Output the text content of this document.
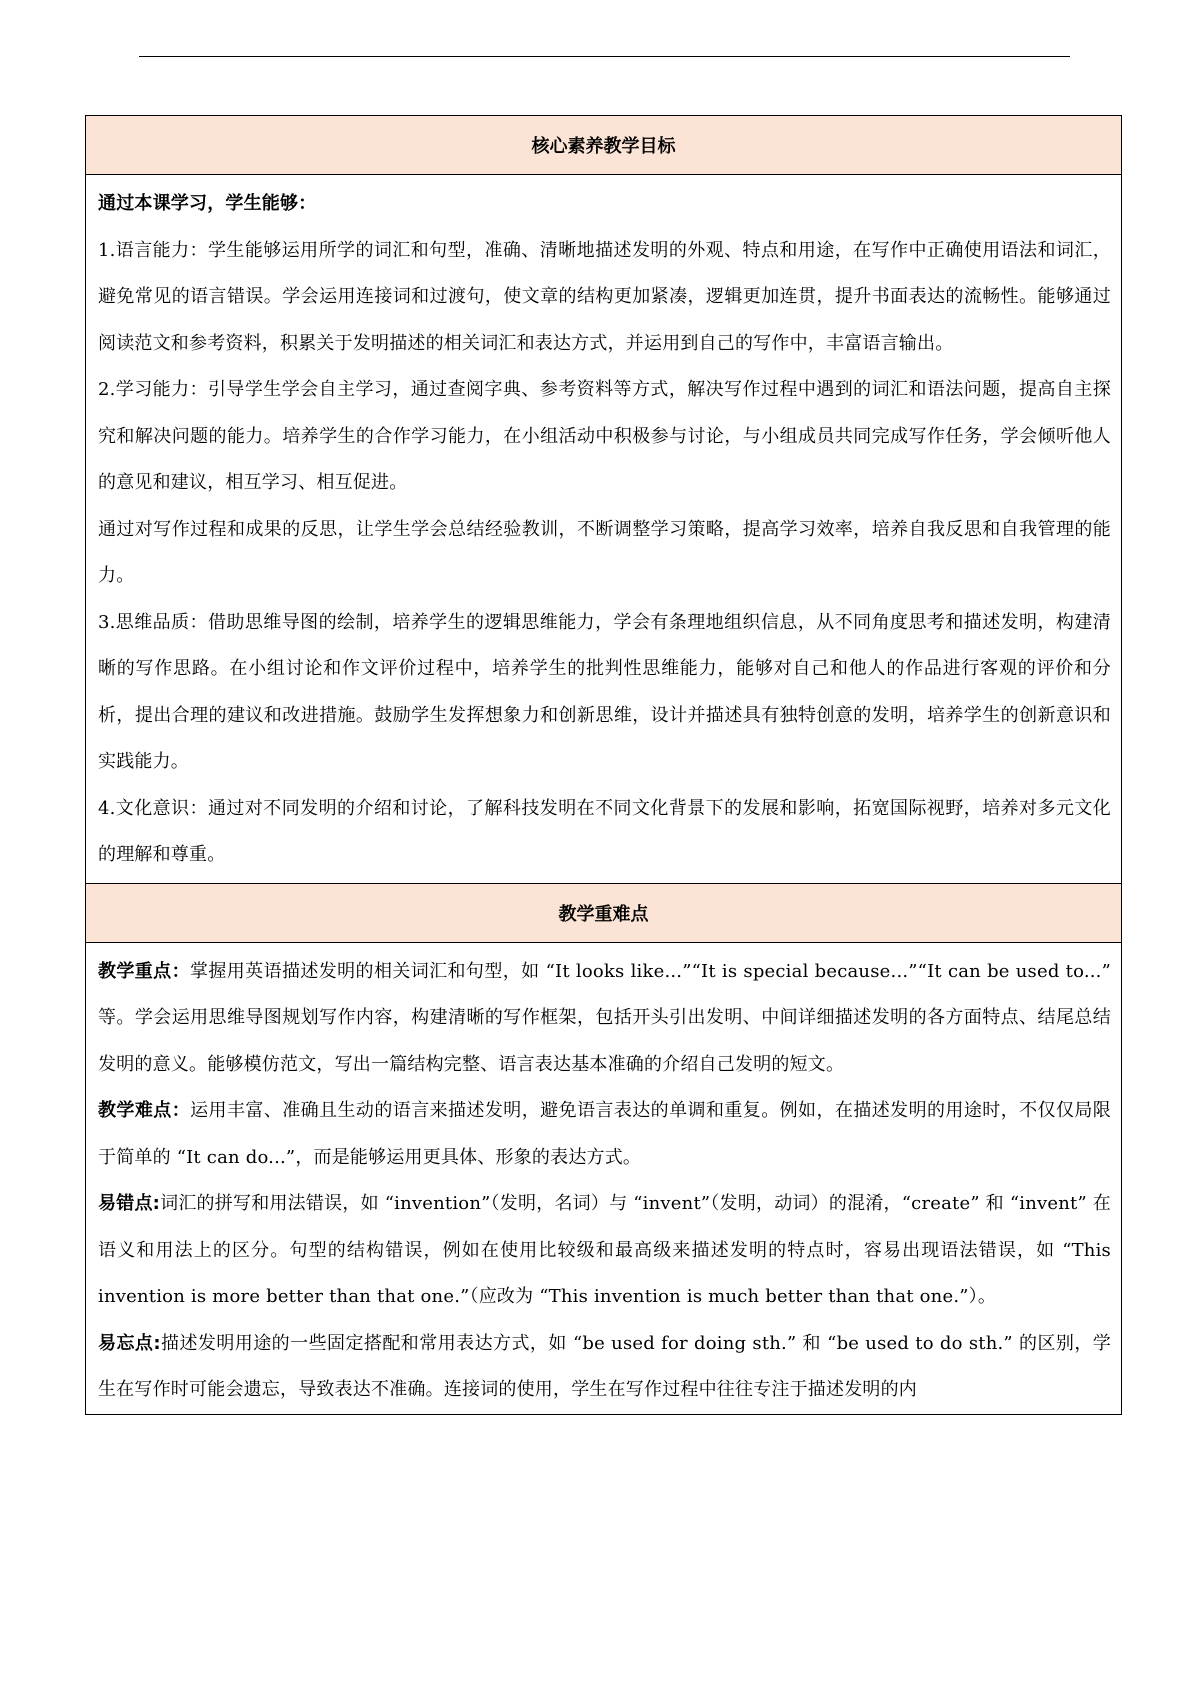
核心素养教学目标

通过本课学习，学生能够：

1.语言能力：学生能够运用所学的词汇和句型，准确、清晰地描述发明的外观、特点和用途，在写作中正确使用语法和词汇，避免常见的语言错误。学会运用连接词和过渡句，使文章的结构更加紧凑，逻辑更加连贯，提升书面表达的流畅性。能够通过阅读范文和参考资料，积累关于发明描述的相关词汇和表达方式，并运用到自己的写作中，丰富语言输出。

2.学习能力：引导学生学会自主学习，通过查阅字典、参考资料等方式，解决写作过程中遇到的词汇和语法问题，提高自主探究和解决问题的能力。培养学生的合作学习能力，在小组活动中积极参与讨论，与小组成员共同完成写作任务，学会倾听他人的意见和建议，相互学习、相互促进。

通过对写作过程和成果的反思，让学生学会总结经验教训，不断调整学习策略，提高学习效率，培养自我反思和自我管理的能力。

3.思维品质：借助思维导图的绘制，培养学生的逻辑思维能力，学会有条理地组织信息，从不同角度思考和描述发明，构建清晰的写作思路。在小组讨论和作文评价过程中，培养学生的批判性思维能力，能够对自己和他人的作品进行客观的评价和分析，提出合理的建议和改进措施。鼓励学生发挥想象力和创新思维，设计并描述具有独特创意的发明，培养学生的创新意识和实践能力。

4.文化意识：通过对不同发明的介绍和讨论，了解科技发明在不同文化背景下的发展和影响，拓宽国际视野，培养对多元文化的理解和尊重。

教学重难点

教学重点：掌握用英语描述发明的相关词汇和句型，如 “It looks like...”“It is special because...”“It can be used to...” 等。学会运用思维导图规划写作内容，构建清晰的写作框架，包括开头引出发明、中间详细描述发明的各方面特点、结尾总结发明的意义。能够模仿范文，写出一篇结构完整、语言表达基本准确的介绍自己发明的短文。

教学难点：运用丰富、准确且生动的语言来描述发明，避免语言表达的单调和重复。例如，在描述发明的用途时，不仅仅局限于简单的 “It can do...”，而是能够运用更具体、形象的表达方式。

易错点:词汇的拼写和用法错误，如 “invention”（发明，名词）与 “invent”（发明，动词）的混淆，“create” 和 “invent” 在语义和用法上的区分。句型的结构错误，例如在使用比较级和最高级来描述发明的特点时，容易出现语法错误，如 “This invention is more better than that one.”（应改为 “This invention is much better than that one.”）。

易忘点:描述发明用途的一些固定搭配和常用表达方式，如 “be used for doing sth.” 和 “be used to do sth.” 的区别，学生在写作时可能会遗忘，导致表达不准确。连接词的使用，学生在写作过程中往往专注于描述发明的内
